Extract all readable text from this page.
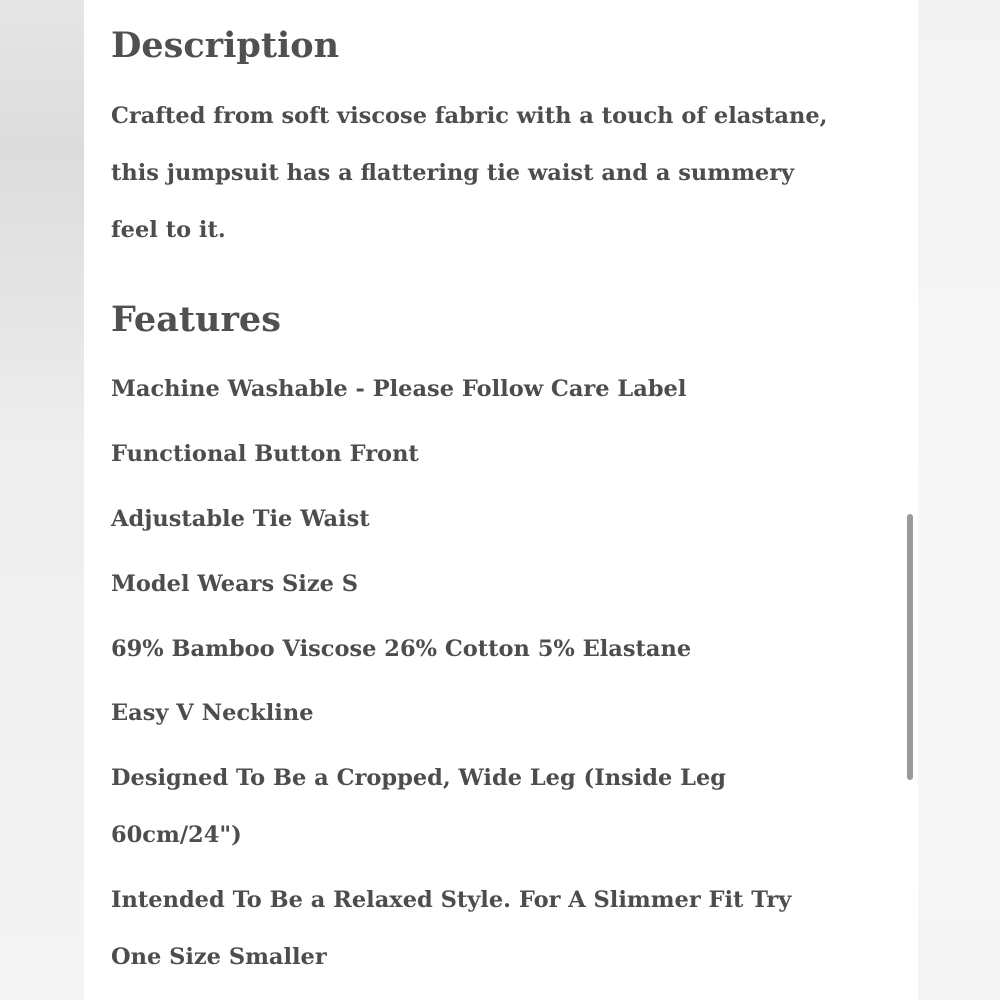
Description

Crafted from soft viscose fabric with a touch of elastane,
this jumpsuit has a flattering tie waist and a summery
feel to it.

Features

Machine Washable - Please Follow Care Label

Functional Button Front

Adjustable Tie Waist

Model Wears Size S

69% Bamboo Viscose 26% Cotton 5% Elastane

Easy V Neckline

Designed To Be a Cropped, Wide Leg (Inside Leg
60cm/24")

Intended To Be a Relaxed Style. For A Slimmer Fit Try
One Size Smaller
